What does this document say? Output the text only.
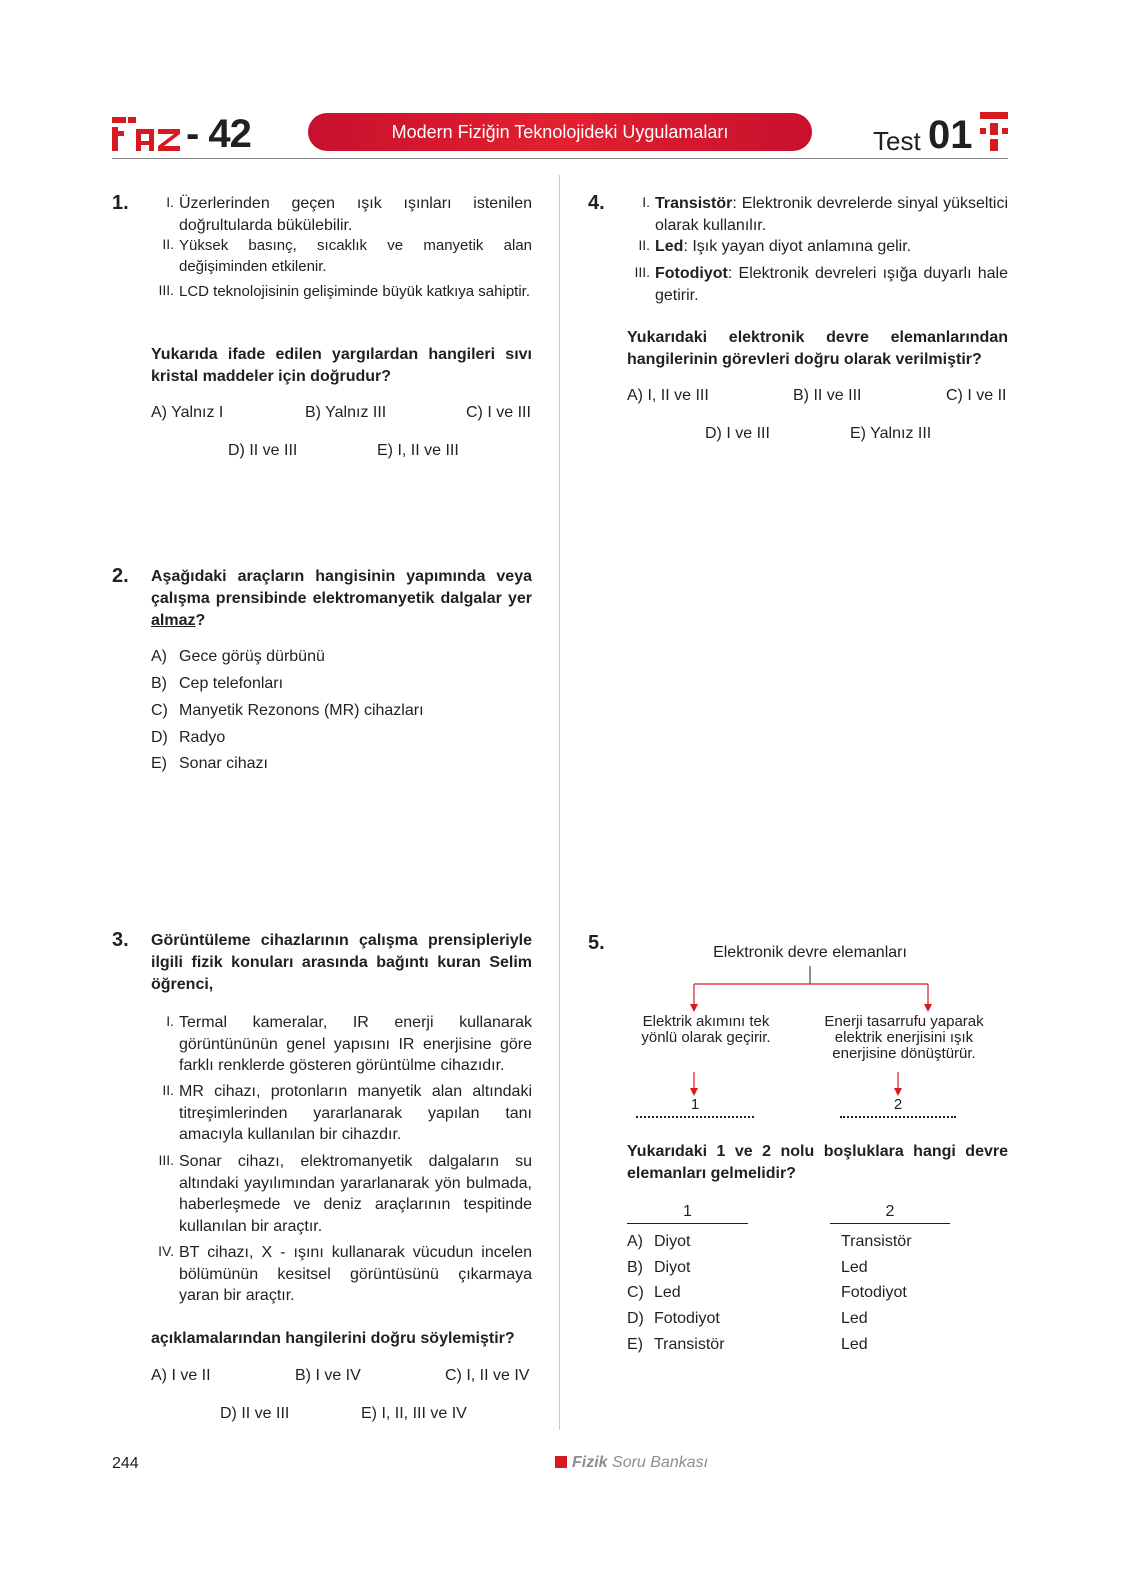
- 42	Modern Fiziğin Teknolojideki Uygulamaları	Test 01
1.	I. Üzerlerinden geçen ışık ışınları istenilen doğrultularda bükülebilir.
II. Yüksek basınç, sıcaklık ve manyetik alan değişiminden etkilenir.
III. LCD teknolojisinin gelişiminde büyük katkıya sahiptir.
Yukarıda ifade edilen yargılardan hangileri sıvı kristal maddeler için doğrudur?
A) Yalnız I	B) Yalnız III	C) I ve III
D) II ve III	E) I, II ve III
2. Aşağıdaki araçların hangisinin yapımında veya çalışma prensibinde elektromanyetik dalgalar yer almaz?
A) Gece görüş dürbünü
B) Cep telefonları
C) Manyetik Rezonons (MR) cihazları
D) Radyo
E) Sonar cihazı
3. Görüntüleme cihazlarının çalışma prensipleriyle ilgili fizik konuları arasında bağıntı kuran Selim öğrenci,
I. Termal kameralar, IR enerji kullanarak görüntününün genel yapısını IR enerjisine göre farklı renklerde gösteren görüntülme cihazıdır.
II. MR cihazı, protonların manyetik alan altındaki titreşimlerinden yararlanarak yapılan tanı amacıyla kullanılan bir cihazdır.
III. Sonar cihazı, elektromanyetik dalgaların su altındaki yayılımından yararlanarak yön bulmada, haberleşmede ve deniz araçlarının tespitinde kullanılan bir araçtır.
IV. BT cihazı, X - ışını kullanarak vücudun incelen bölümünün kesitsel görüntüsünü çıkarmaya yaran bir araçtır.
açıklamalarından hangilerini doğru söylemiştir?
A) I ve II	B) I ve IV	C) I, II ve IV
D) II ve III	E) I, II, III ve IV
4.	I. Transistör: Elektronik devrelerde sinyal yükseltici olarak kullanılır.
II. Led: Işık yayan diyot anlamına gelir.
III. Fotodiyot: Elektronik devreleri ışığa duyarlı hale getirir.
Yukarıdaki elektronik devre elemanlarından hangilerinin görevleri doğru olarak verilmiştir?
A) I, II ve III	B) II ve III	C) I ve II
D) I ve III	E) Yalnız III
5.	Elektronik devre elemanları
Elektrik akımını tek yönlü olarak geçirir.
Enerji tasarrufu yaparak elektrik enerjisini ışık enerjisine dönüştürür.
1	2
Yukarıdaki 1 ve 2 nolu boşluklara hangi devre elemanları gelmelidir?
1	2
A) Diyot	Transistör
B) Diyot	Led
C) Led	Fotodiyot
D) Fotodiyot	Led
E) Transistör	Led
244	Fizik Soru Bankası
